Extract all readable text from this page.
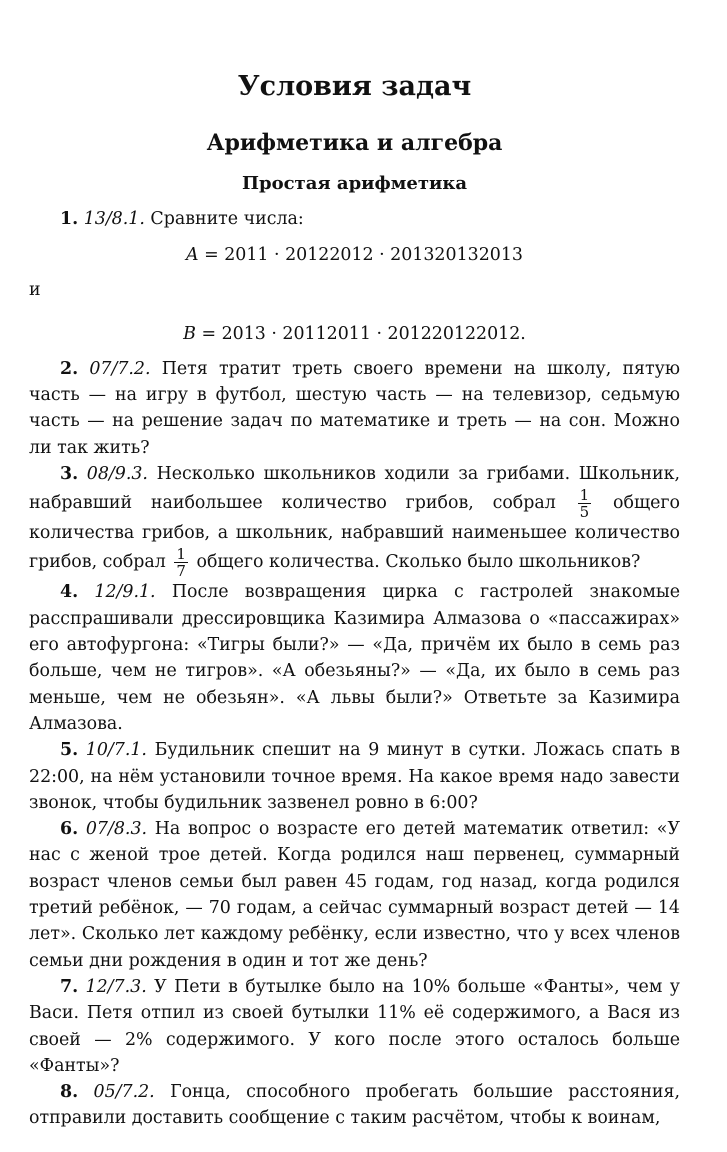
Условия задач
Арифметика и алгебра
Простая арифметика

1. 13/8.1. Сравните числа:

A = 2011 · 20122012 · 201320132013

и

B = 2013 · 20112011 · 201220122012.

2. 07/7.2. Петя тратит треть своего времени на школу, пятую часть — на игру в футбол, шестую часть — на телевизор, седьмую часть — на решение задач по математике и треть — на сон. Можно ли так жить?

3. 08/9.3. Несколько школьников ходили за грибами. Школьник, набравший наибольшее количество грибов, собрал $\frac{1}{5}$ общего количества грибов, а школьник, набравший наименьшее количество грибов, собрал $\frac{1}{7}$ общего количества. Сколько было школьников?

4. 12/9.1. После возвращения цирка с гастролей знакомые расспрашивали дрессировщика Казимира Алмазова о «пассажирах» его автофургона: «Тигры были?» — «Да, причём их было в семь раз больше, чем не тигров». «А обезьяны?» — «Да, их было в семь раз меньше, чем не обезьян». «А львы были?» Ответьте за Казимира Алмазова.

5. 10/7.1. Будильник спешит на 9 минут в сутки. Ложась спать в 22:00, на нём установили точное время. На какое время надо завести звонок, чтобы будильник зазвенел ровно в 6:00?

6. 07/8.3. На вопрос о возрасте его детей математик ответил: «У нас с женой трое детей. Когда родился наш первенец, суммарный возраст членов семьи был равен 45 годам, год назад, когда родился третий ребёнок, — 70 годам, а сейчас суммарный возраст детей — 14 лет». Сколько лет каждому ребёнку, если известно, что у всех членов семьи дни рождения в один и тот же день?

7. 12/7.3. У Пети в бутылке было на 10% больше «Фанты», чем у Васи. Петя отпил из своей бутылки 11% её содержимого, а Вася из своей — 2% содержимого. У кого после этого осталось больше «Фанты»?

8. 05/7.2. Гонца, способного пробегать большие расстояния, отправили доставить сообщение с таким расчётом, чтобы к воинам,
